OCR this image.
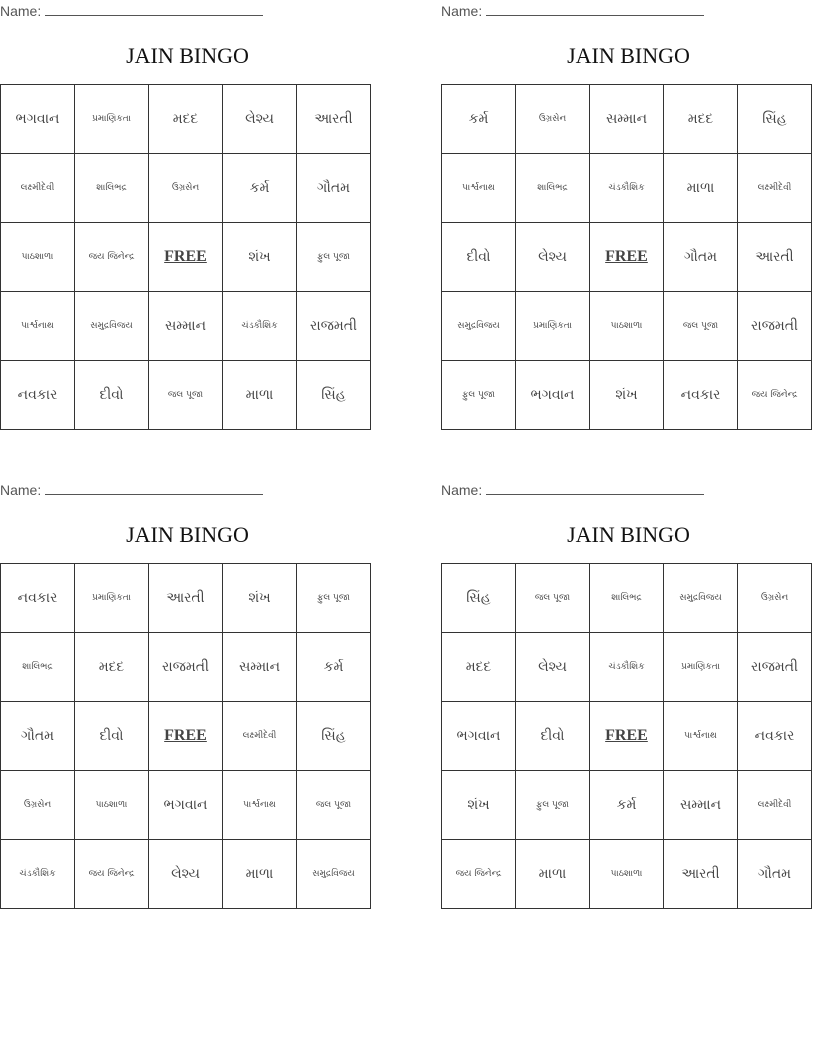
Name:
JAIN BINGO
ભગવાન	પ્રમાણિકતા	મદદ	લેશ્ય	આરતી
લક્ષ્મીદેવી	શાલિભદ્ર	ઉગ્રસેન	કર્મ	ગૌતમ
પાઠશાળા	જય જિનેન્દ્ર	FREE	શંખ	ફુલ પૂજા
પાર્શ્વનાથ	સમુદ્રવિજય	સમ્માન	ચંડકૌશિક	રાજમતી
નવકાર	દીવો	જલ પૂજા	માળા	સિંહ
Name:
JAIN BINGO
કર્મ	ઉગ્રસેન	સમ્માન	મદદ	સિંહ
પાર્શ્વનાથ	શાલિભદ્ર	ચંડકૌશિક	માળા	લક્ષ્મીદેવી
દીવો	લેશ્ય	FREE	ગૌતમ	આરતી
સમુદ્રવિજય	પ્રમાણિકતા	પાઠશાળા	જલ પૂજા	રાજમતી
ફુલ પૂજા	ભગવાન	શંખ	નવકાર	જય જિનેન્દ્ર
Name:
JAIN BINGO
નવકાર	પ્રમાણિકતા	આરતી	શંખ	ફુલ પૂજા
શાલિભદ્ર	મદદ	રાજમતી	સમ્માન	કર્મ
ગૌતમ	દીવો	FREE	લક્ષ્મીદેવી	સિંહ
ઉગ્રસેન	પાઠશાળા	ભગવાન	પાર્શ્વનાથ	જલ પૂજા
ચંડકૌશિક	જય જિનેન્દ્ર	લેશ્ય	માળા	સમુદ્રવિજય
Name:
JAIN BINGO
સિંહ	જલ પૂજા	શાલિભદ્ર	સમુદ્રવિજય	ઉગ્રસેન
મદદ	લેશ્ય	ચંડકૌશિક	પ્રમાણિકતા	રાજમતી
ભગવાન	દીવો	FREE	પાર્શ્વનાથ	નવકાર
શંખ	ફુલ પૂજા	કર્મ	સમ્માન	લક્ષ્મીદેવી
જય જિનેન્દ્ર	માળા	પાઠશાળા	આરતી	ગૌતમ
